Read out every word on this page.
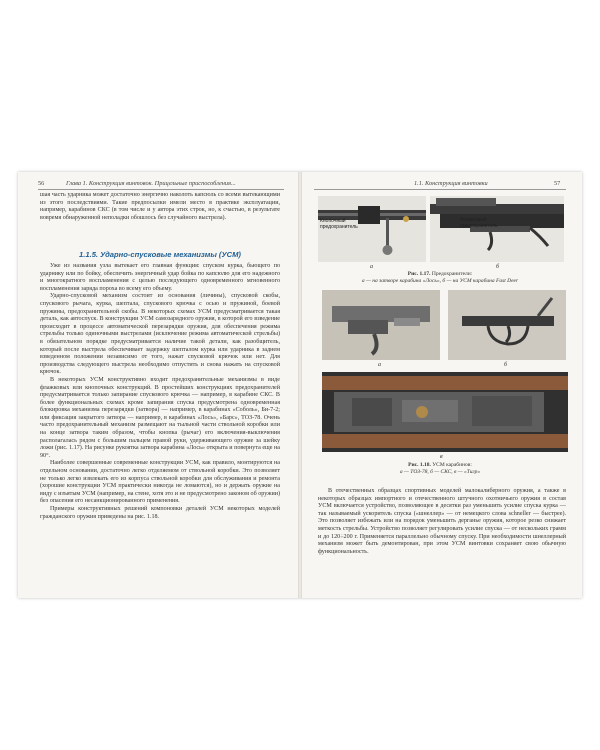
56	Глава 1. Конструкция винтовок. Прицельные приспособления...

шая часть ударника может достаточно энергично наколоть капсюль со всеми вытекающими из этого последствиями. Такие предпосылки имели место в практике эксплуатации, например, карабинов СКС (в том числе и у автора этих строк, но, к счастью, в результате вовремя обнаруженной неполадки обошлось без случайного выстрела).

1.1.5. Ударно-спусковые механизмы (УСМ)

Уже из названия узла вытекает его главная функция: спуском курка, бьющего по ударнику или по бойку, обеспечить энергичный удар бойка по капсюлю для его надежного и многократного воспламенения с целью последующего одновременного мгновенного воспламенения заряда пороха во всему его объему.

Ударно-спусковой механизм состоит из основания (личины), спусковой скобы, спускового рычага, курка, шептала, спускового крючка с осью и пружиной, боевой пружины, предохранительной скобы. В некоторых схемах УСМ предусматривается такая деталь, как автоспуск. В конструкции УСМ самозарядного оружия, в которой его взведение происходит в процессе автоматической перезарядки оружия, для обеспечения режима стрельбы только одиночными выстрелами (исключение режима автоматической стрельбы) в обязательном порядке предусматривается наличие такой детали, как разобщитель, который после выстрела обеспечивает задержку шепталом курка или ударника в заднем взведенном положении независимо от того, нажат спусковой крючок или нет. Для производства следующего выстрела необходимо отпустить и снова нажать на спусковой крючок.

В некоторых УСМ конструктивно входит предохранительные механизмы в виде флажковых или кнопочных конструкций. В простейших конструкциях предохранителей предусматривается только запирание спускового крючка — например, в карабине СКС. В более функциональных схемах кроме запирания спуска предусмотрена одновременная блокировка механизма перезарядки (затвора) — например, в карабинах «Соболь», Би-7-2; или фиксация закрытого затвора — например, в карабинах «Лось», «Барс», ТОЗ-78. Очень часто предохранительный механизм размещают на тыльной части ствольной коробки или на конце затвора таким образом, чтобы кнопка (рычаг) его включения-выключения располагалась рядом с большим пальцем правой руки, удерживающего оружие за шейку ложи (рис. 1.17). На рисунке рукоятка затвора карабина «Лось» открыта и повернута еще на 90°.

Наиболее совершенные современные конструкции УСМ, как правило, монтируются на отдельном основании, достаточно легко отделяемом от ствольной коробки. Это позволяет не только легко извлекать его из корпуса ствольной коробки для обслуживания и ремонта (хорошие конструкции УСМ практически никогда не ломаются), но и держать оружие на виду с изъятым УСМ (например, на стене, хотя это и не предусмотрено законом об оружии) без опасения его несанкционированного применения.

Примеры конструктивных решений компоновки деталей УСМ некоторых моделей гражданского оружия приведены на рис. 1.18.

1.1. Конструкция винтовки	57
Кнопочный предохранитель
Флажковый предохранитель
а	б
Рис. 1.17. Предохранители:
а — на затворе карабина «Лось», б — на УСМ карабина Fast Deer
а	б
в
Рис. 1.18. УСМ карабинов:
а — ТОЗ-78, б — СКС, в — «Тигр»

В отечественных образцах спортивных моделей малокалиберного оружия, а также в некоторых образцах импортного и отечественного штучного охотничьего оружия в состав УСМ включается устройство, позволяющее в десятки раз уменьшить усилие спуска курка — так называемый ускоритель спуска («шнеллер» — от немецкого слова schneller — быстрее). Это позволяет избежать или на порядок уменьшить дерганье оружия, которое резко снижает меткость стрельбы. Устройство позволяет регулировать усилие спуска — от нескольких грамм и до 120÷200 г. Применяется параллельно обычному спуску. При необходимости шнеллерный механизм может быть демонтирован, при этом УСМ винтовки сохраняет свою обычную функциональность.
